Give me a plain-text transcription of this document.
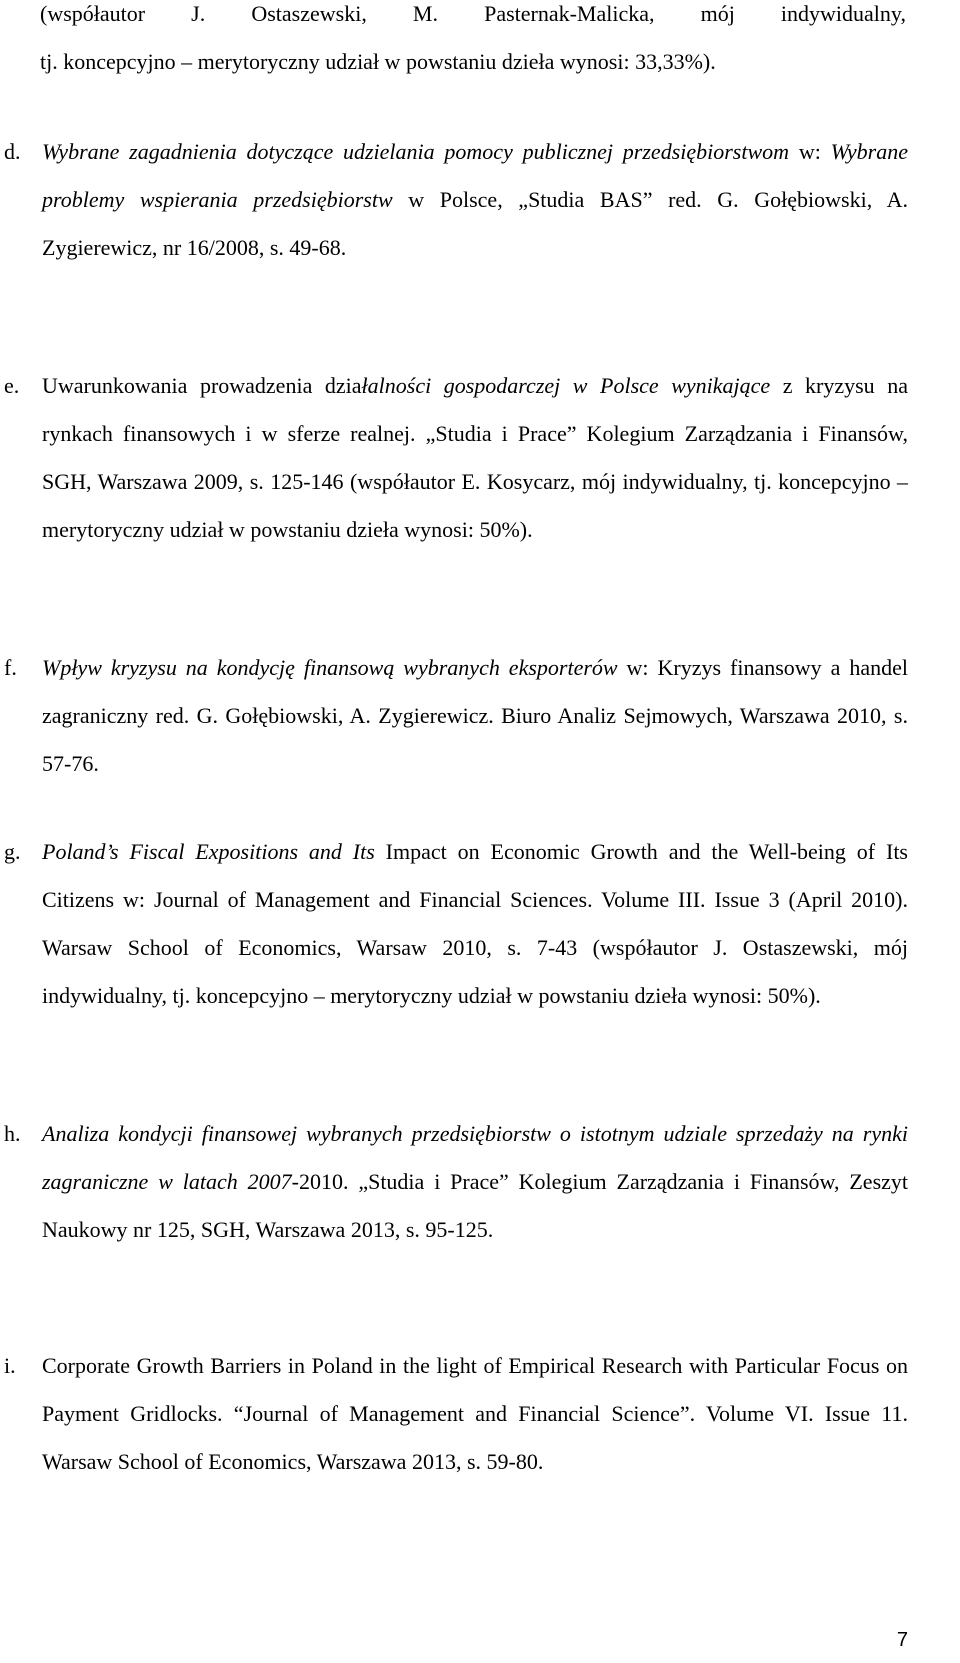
(współautor J. Ostaszewski, M. Pasternak-Malicka, mój indywidualny,
tj. koncepcyjno – merytoryczny udział w powstaniu dzieła wynosi: 33,33%).
d. Wybrane zagadnienia dotyczące udzielania pomocy publicznej przedsiębiorstwom w: Wybrane problemy wspierania przedsiębiorstw w Polsce, „Studia BAS” red. G. Gołębiowski, A. Zygierewicz, nr 16/2008, s. 49-68.
e.	Uwarunkowania prowadzenia działalności gospodarczej w Polsce wynikające z kryzysu na rynkach finansowych i w sferze realnej. „Studia i Prace” Kolegium Zarządzania i Finansów, SGH, Warszawa 2009, s. 125-146 (współautor E. Kosycarz, mój indywidualny, tj. koncepcyjno – merytoryczny udział w powstaniu dzieła wynosi: 50%).
f.	Wpływ kryzysu na kondycję finansową wybranych eksporterów w: Kryzys finansowy a handel zagraniczny red. G. Gołębiowski, A. Zygierewicz. Biuro Analiz Sejmowych, Warszawa 2010, s. 57-76.
g. Poland’s Fiscal Expositions and Its Impact on Economic Growth and the Well-being of Its Citizens w: Journal of Management and Financial Sciences. Volume III. Issue 3 (April 2010). Warsaw School of Economics, Warsaw 2010, s. 7-43 (współautor J. Ostaszewski, mój indywidualny, tj. koncepcyjno – merytoryczny udział w powstaniu dzieła wynosi: 50%).
h. Analiza kondycji finansowej wybranych przedsiębiorstw o istotnym udziale sprzedaży na rynki zagraniczne w latach 2007-2010. „Studia i Prace” Kolegium Zarządzania i Finansów, Zeszyt Naukowy nr 125, SGH, Warszawa 2013, s. 95-125.
i.	Corporate Growth Barriers in Poland in the light of Empirical Research with Particular Focus on Payment Gridlocks. “Journal of Management and Financial Science”. Volume VI. Issue 11. Warsaw School of Economics, Warszawa 2013, s. 59-80.
7
